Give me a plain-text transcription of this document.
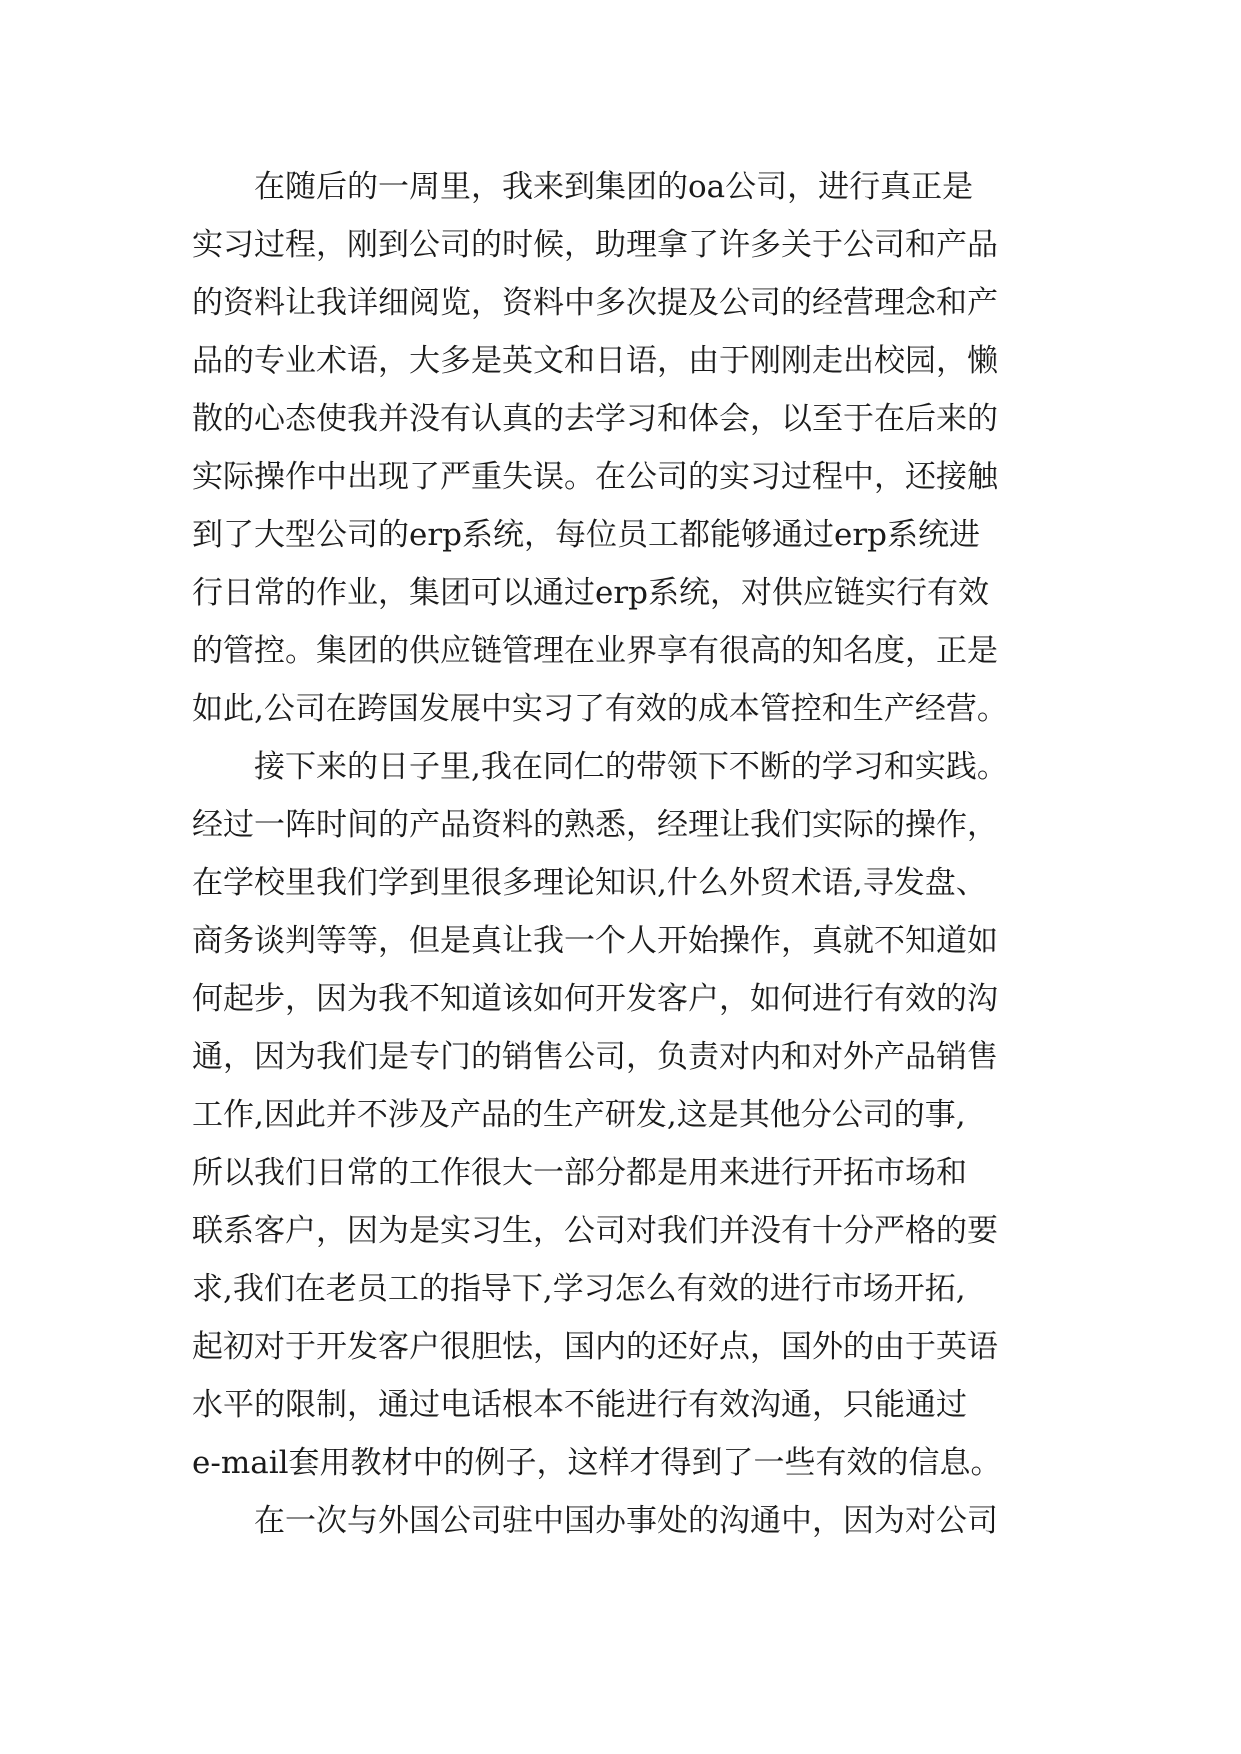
　　在随后的一周里，我来到集团的oa公司，进行真正是
实习过程，刚到公司的时候，助理拿了许多关于公司和产品
的资料让我详细阅览，资料中多次提及公司的经营理念和产
品的专业术语，大多是英文和日语，由于刚刚走出校园，懒
散的心态使我并没有认真的去学习和体会，以至于在后来的
实际操作中出现了严重失误。在公司的实习过程中，还接触
到了大型公司的erp系统，每位员工都能够通过erp系统进
行日常的作业，集团可以通过erp系统，对供应链实行有效
的管控。集团的供应链管理在业界享有很高的知名度，正是
如此,公司在跨国发展中实习了有效的成本管控和生产经营。
　　接下来的日子里,我在同仁的带领下不断的学习和实践。
经过一阵时间的产品资料的熟悉，经理让我们实际的操作，
在学校里我们学到里很多理论知识,什么外贸术语,寻发盘、
商务谈判等等，但是真让我一个人开始操作，真就不知道如
何起步，因为我不知道该如何开发客户，如何进行有效的沟
通，因为我们是专门的销售公司，负责对内和对外产品销售
工作,因此并不涉及产品的生产研发,这是其他分公司的事,
所以我们日常的工作很大一部分都是用来进行开拓市场和
联系客户，因为是实习生，公司对我们并没有十分严格的要
求,我们在老员工的指导下,学习怎么有效的进行市场开拓,
起初对于开发客户很胆怯，国内的还好点，国外的由于英语
水平的限制，通过电话根本不能进行有效沟通，只能通过
e-mail套用教材中的例子，这样才得到了一些有效的信息。
　　在一次与外国公司驻中国办事处的沟通中，因为对公司
